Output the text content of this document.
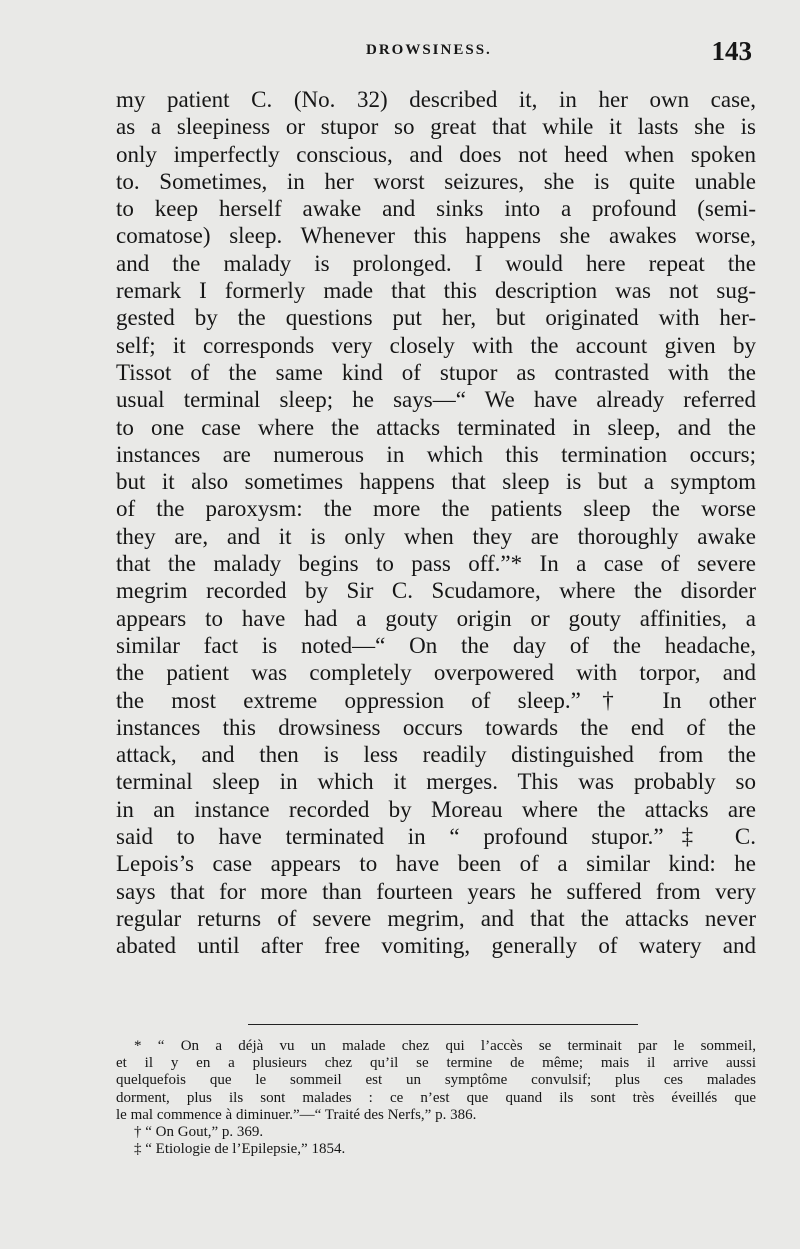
DROWSINESS.	143
my patient C. (No. 32) described it, in her own case,
as a sleepiness or stupor so great that while it lasts she is
only imperfectly conscious, and does not heed when spoken
to. Sometimes, in her worst seizures, she is quite unable
to keep herself awake and sinks into a profound (semi-
comatose) sleep. Whenever this happens she awakes worse,
and the malady is prolonged. I would here repeat the
remark I formerly made that this description was not sug-
gested by the questions put her, but originated with her-
self; it corresponds very closely with the account given by
Tissot of the same kind of stupor as contrasted with the
usual terminal sleep; he says—“ We have already referred
to one case where the attacks terminated in sleep, and the
instances are numerous in which this termination occurs;
but it also sometimes happens that sleep is but a symptom
of the paroxysm: the more the patients sleep the worse
they are, and it is only when they are thoroughly awake
that the malady begins to pass off.”* In a case of severe
megrim recorded by Sir C. Scudamore, where the disorder
appears to have had a gouty origin or gouty affinities, a
similar fact is noted—“ On the day of the headache,
the patient was completely overpowered with torpor, and
the most extreme oppression of sleep.”† In other
instances this drowsiness occurs towards the end of the
attack, and then is less readily distinguished from the
terminal sleep in which it merges. This was probably so
in an instance recorded by Moreau where the attacks are
said to have terminated in “ profound stupor.”‡ C.
Lepois’s case appears to have been of a similar kind: he
says that for more than fourteen years he suffered from very
regular returns of severe megrim, and that the attacks never
abated until after free vomiting, generally of watery and
* “ On a déjà vu un malade chez qui l’accès se terminait par le sommeil,
et il y en a plusieurs chez qu’il se termine de même; mais il arrive aussi
quelquefois que le sommeil est un symptôme convulsif; plus ces malades
dorment, plus ils sont malades : ce n’est que quand ils sont très éveillés que
le mal commence à diminuer.”—“ Traité des Nerfs,” p. 386.
† “ On Gout,” p. 369.
‡ “ Etiologie de l’Epilepsie,” 1854.
